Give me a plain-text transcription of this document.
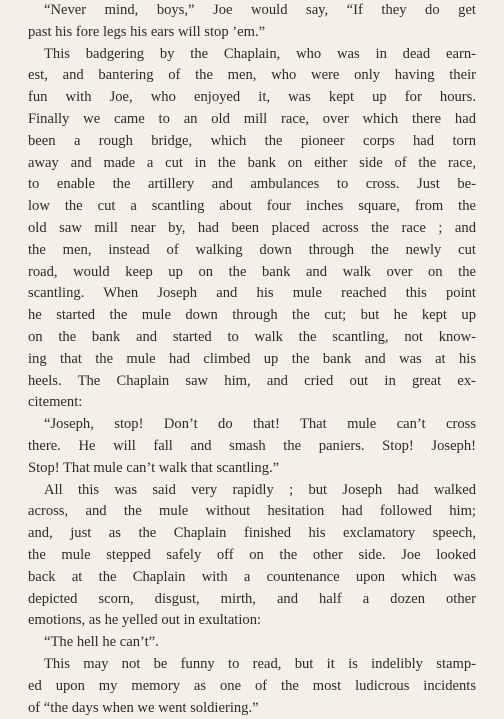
“Never mind, boys,” Joe would say, “If they do get
past his fore legs his ears will stop ’em.”
This badgering by the Chaplain, who was in dead earn-
est, and bantering of the men, who were only having their
fun with Joe, who enjoyed it, was kept up for hours.
Finally we came to an old mill race, over which there had
been a rough bridge, which the pioneer corps had torn
away and made a cut in the bank on either side of the race,
to enable the artillery and ambulances to cross. Just be-
low the cut a scantling about four inches square, from the
old saw mill near by, had been placed across the race ; and
the men, instead of walking down through the newly cut
road, would keep up on the bank and walk over on the
scantling. When Joseph and his mule reached this point
he started the mule down through the cut; but he kept up
on the bank and started to walk the scantling, not know-
ing that the mule had climbed up the bank and was at his
heels. The Chaplain saw him, and cried out in great ex-
citement:
“Joseph, stop! Don’t do that! That mule can’t cross
there. He will fall and smash the paniers. Stop! Joseph!
Stop! That mule can’t walk that scantling.”
All this was said very rapidly ; but Joseph had walked
across, and the mule without hesitation had followed him;
and, just as the Chaplain finished his exclamatory speech,
the mule stepped safely off on the other side. Joe looked
back at the Chaplain with a countenance upon which was
depicted scorn, disgust, mirth, and half a dozen other
emotions, as he yelled out in exultation:
“The hell he can’t”.
This may not be funny to read, but it is indelibly stamp-
ed upon my memory as one of the most ludicrous incidents
of “the days when we went soldiering.”
